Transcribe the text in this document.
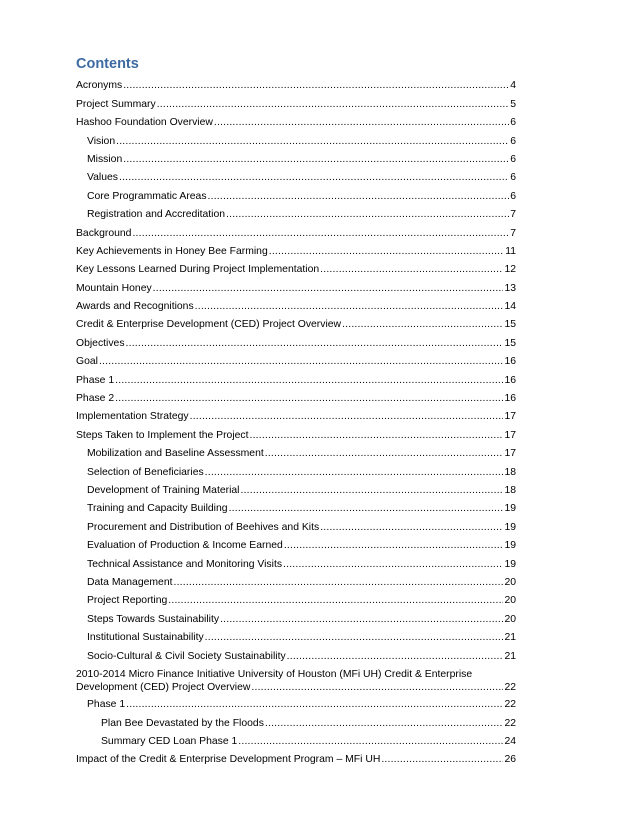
Contents
Acronyms .....	4
Project Summary .....	5
Hashoo Foundation Overview .....	6
Vision .....	6
Mission .....	6
Values .....	6
Core Programmatic Areas .....	6
Registration and Accreditation .....	7
Background .....	7
Key Achievements in Honey Bee Farming .....	11
Key Lessons Learned During Project Implementation .....	12
Mountain Honey .....	13
Awards and Recognitions .....	14
Credit & Enterprise Development (CED) Project Overview .....	15
Objectives .....	15
Goal .....	16
Phase 1 .....	16
Phase 2 .....	16
Implementation Strategy .....	17
Steps Taken to Implement the Project .....	17
Mobilization and Baseline Assessment .....	17
Selection of Beneficiaries .....	18
Development of Training Material .....	18
Training and Capacity Building .....	19
Procurement and Distribution of Beehives and Kits .....	19
Evaluation of Production & Income Earned .....	19
Technical Assistance and Monitoring Visits .....	19
Data Management .....	20
Project Reporting .....	20
Steps Towards Sustainability .....	20
Institutional Sustainability .....	21
Socio-Cultural & Civil Society Sustainability .....	21
2010-2014 Micro Finance Initiative University of Houston (MFi UH) Credit & Enterprise
Development (CED) Project Overview .....	22
Phase 1 .....	22
Plan Bee Devastated by the Floods .....	22
Summary CED Loan Phase 1 .....	24
Impact of the Credit & Enterprise Development Program – MFi UH .....	26
